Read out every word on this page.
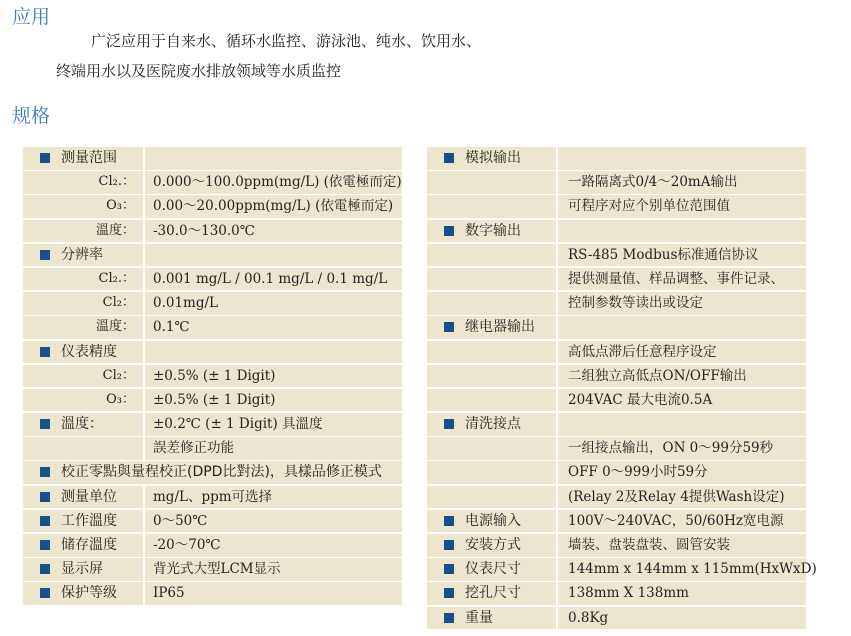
应用
广泛应用于自来水、循环水监控、游泳池、纯水、饮用水、
终端用水以及医院废水排放领域等水质监控
规格
测量范围
Cl₂.： 0.000～100.0ppm(mg/L) (依電極而定)
O₃： 0.00～20.00ppm(mg/L) (依電極而定)
溫度： -30.0～130.0℃
分辨率
Cl₂.： 0.001 mg/L / 00.1 mg/L / 0.1 mg/L
Cl₂： 0.01mg/L
溫度： 0.1℃
仪表精度
Cl₂： ±0.5% (± 1 Digit)
O₃： ±0.5% (± 1 Digit)
溫度：	±0.2℃ (± 1 Digit) 具溫度
誤差修正功能
校正零點與量程校正(DPD比對法)，具樣品修正模式
测量单位	mg/L、ppm可选择
工作溫度	0～50℃
储存溫度	-20～70℃
显示屏	背光式大型LCM显示
保护等级	IP65
模拟输出
一路隔离式0/4～20mA输出
可程序对应个别单位范围值
数字输出
RS-485 Modbus标准通信协议
提供测量值、样品调整、事件记录、
控制参数等读出或设定
继电器输出
高低点滞后任意程序设定
二组独立高低点ON/OFF输出
204VAC 最大电流0.5A
清洗接点
一组接点输出，ON 0～99分59秒
OFF 0～999小时59分
(Relay 2及Relay 4提供Wash设定)
电源输入	100V～240VAC，50/60Hz宽电源
安装方式	墙装、盘装盘装、圆管安装
仪表尺寸	144mm x 144mm x 115mm(HxWxD)
挖孔尺寸	138mm X 138mm
重量	0.8Kg
